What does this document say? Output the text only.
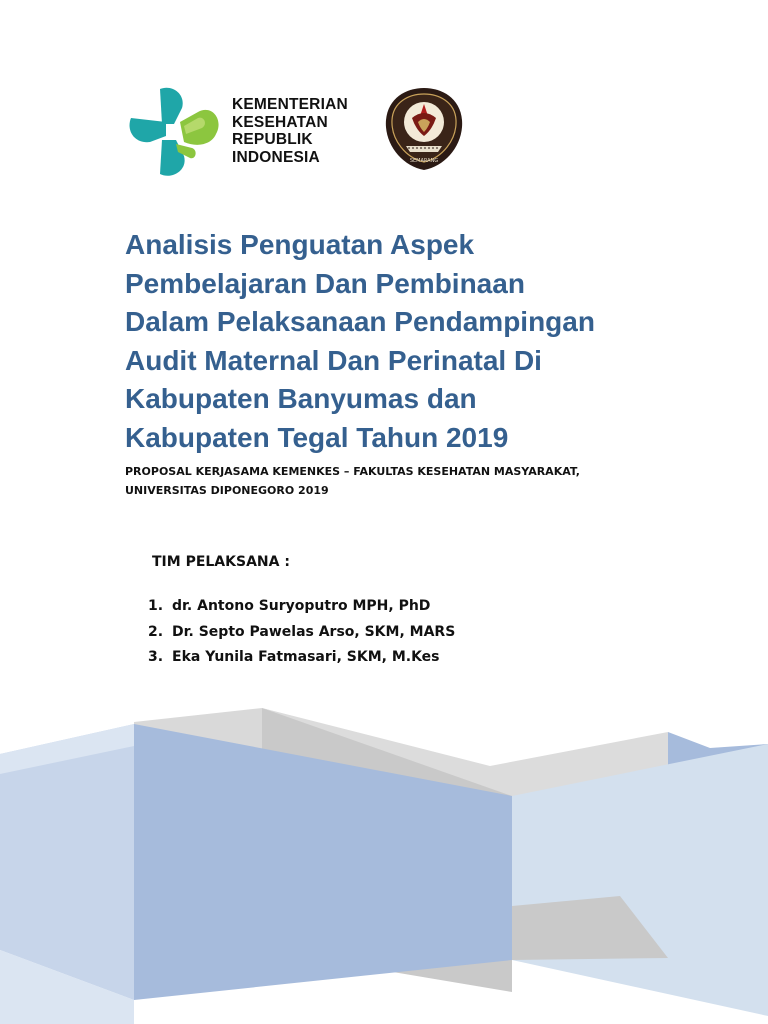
KEMENTERIAN
KESEHATAN
REPUBLIK
INDONESIA	SEMARANG
Analisis Penguatan Aspek
Pembelajaran Dan Pembinaan
Dalam Pelaksanaan Pendampingan
Audit Maternal Dan Perinatal Di
Kabupaten Banyumas dan
Kabupaten Tegal Tahun 2019
PROPOSAL KERJASAMA KEMENKES – FAKULTAS KESEHATAN MASYARAKAT,
UNIVERSITAS DIPONEGORO 2019
TIM PELAKSANA :
1. dr. Antono Suryoputro MPH, PhD
2. Dr. Septo Pawelas Arso, SKM, MARS
3. Eka Yunila Fatmasari, SKM, M.Kes
